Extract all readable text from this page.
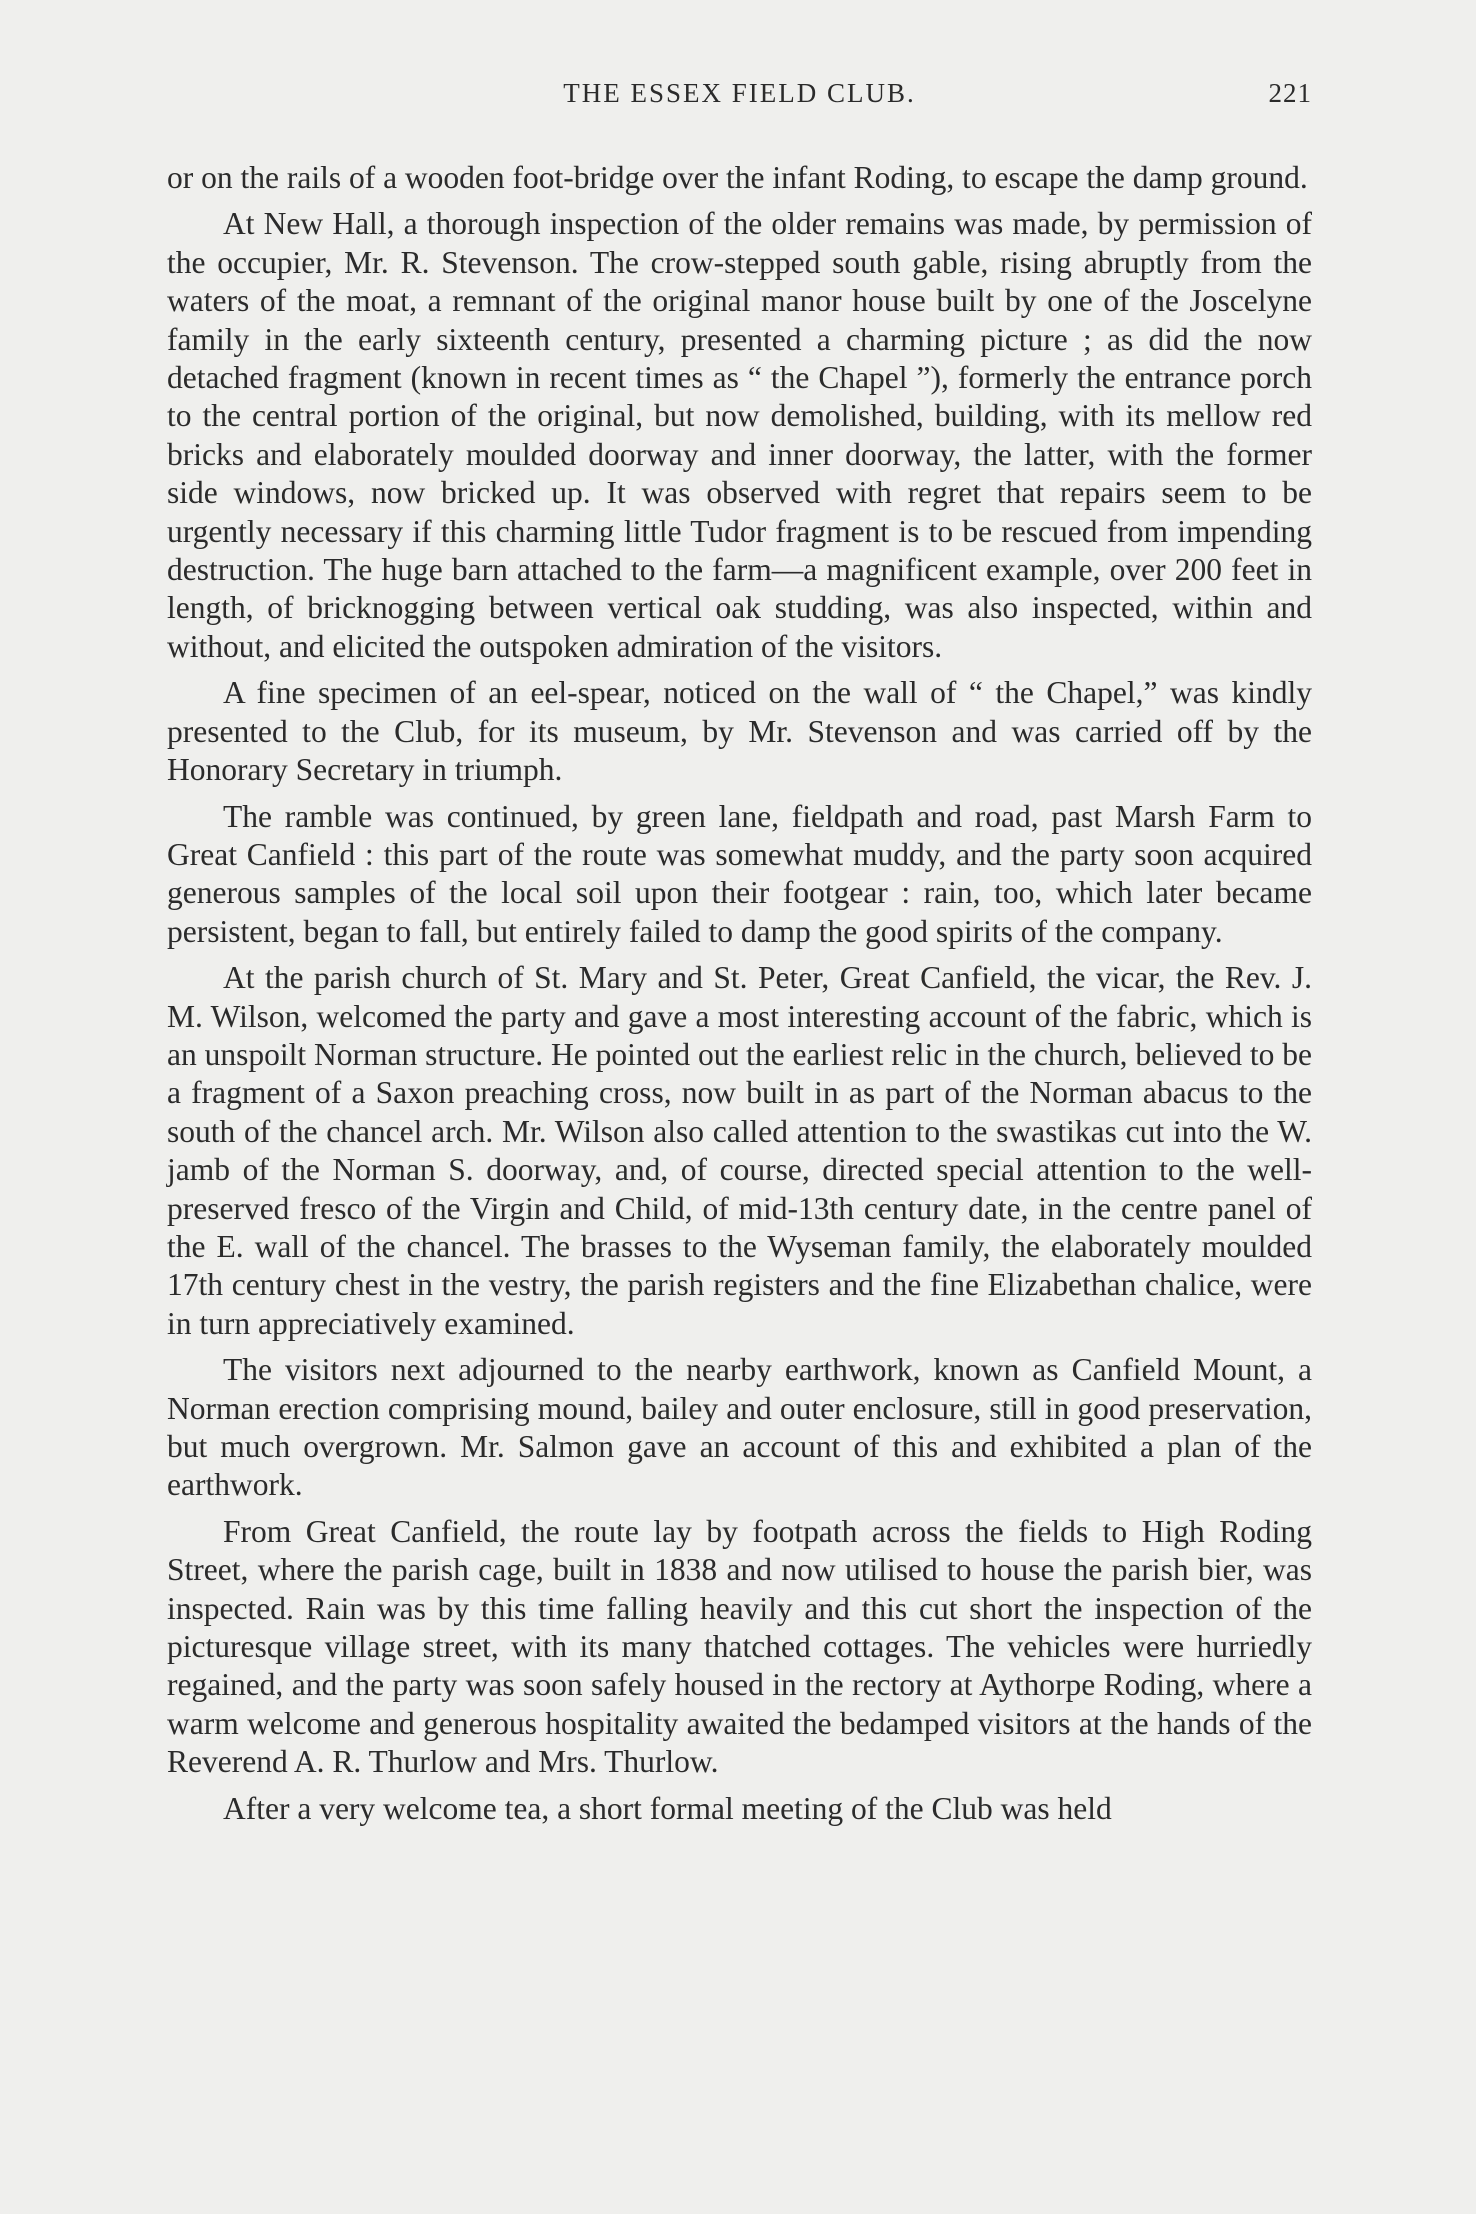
THE ESSEX FIELD CLUB.	221

or on the rails of a wooden foot-bridge over the infant Roding, to escape the damp ground.

At New Hall, a thorough inspection of the older remains was made, by permission of the occupier, Mr. R. Stevenson. The crow-stepped south gable, rising abruptly from the waters of the moat, a remnant of the original manor house built by one of the Joscelyne family in the early sixteenth century, presented a charming picture ; as did the now detached fragment (known in recent times as “ the Chapel ”), formerly the entrance porch to the central portion of the original, but now demolished, building, with its mellow red bricks and elaborately moulded doorway and inner doorway, the latter, with the former side windows, now bricked up. It was observed with regret that repairs seem to be urgently necessary if this charming little Tudor fragment is to be rescued from impending destruction. The huge barn attached to the farm—a magnificent example, over 200 feet in length, of bricknogging between vertical oak studding, was also inspected, within and without, and elicited the outspoken admiration of the visitors.

A fine specimen of an eel-spear, noticed on the wall of “ the Chapel,” was kindly presented to the Club, for its museum, by Mr. Stevenson and was carried off by the Honorary Secretary in triumph.

The ramble was continued, by green lane, fieldpath and road, past Marsh Farm to Great Canfield : this part of the route was somewhat muddy, and the party soon acquired generous samples of the local soil upon their footgear : rain, too, which later became persistent, began to fall, but entirely failed to damp the good spirits of the company.

At the parish church of St. Mary and St. Peter, Great Canfield, the vicar, the Rev. J. M. Wilson, welcomed the party and gave a most interesting account of the fabric, which is an unspoilt Norman structure. He pointed out the earliest relic in the church, believed to be a fragment of a Saxon preaching cross, now built in as part of the Norman abacus to the south of the chancel arch. Mr. Wilson also called attention to the swastikas cut into the W. jamb of the Norman S. doorway, and, of course, directed special attention to the well-preserved fresco of the Virgin and Child, of mid-13th century date, in the centre panel of the E. wall of the chancel. The brasses to the Wyseman family, the elaborately moulded 17th century chest in the vestry, the parish registers and the fine Elizabethan chalice, were in turn appreciatively examined.

The visitors next adjourned to the nearby earthwork, known as Canfield Mount, a Norman erection comprising mound, bailey and outer enclosure, still in good preservation, but much overgrown. Mr. Salmon gave an account of this and exhibited a plan of the earthwork.

From Great Canfield, the route lay by footpath across the fields to High Roding Street, where the parish cage, built in 1838 and now utilised to house the parish bier, was inspected. Rain was by this time falling heavily and this cut short the inspection of the picturesque village street, with its many thatched cottages. The vehicles were hurriedly regained, and the party was soon safely housed in the rectory at Aythorpe Roding, where a warm welcome and generous hospitality awaited the bedamped visitors at the hands of the Reverend A. R. Thurlow and Mrs. Thurlow.

After a very welcome tea, a short formal meeting of the Club was held
